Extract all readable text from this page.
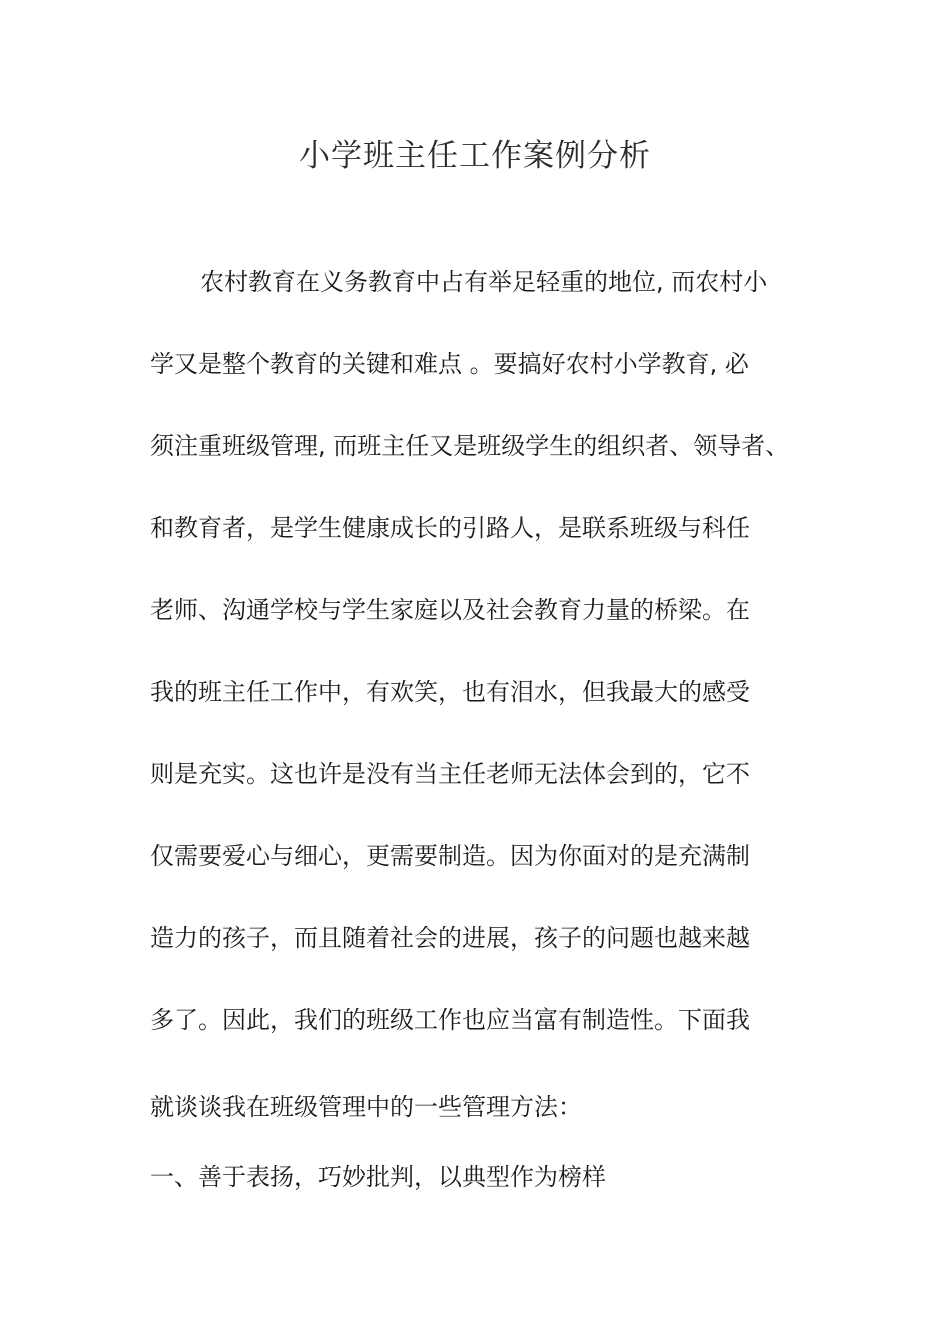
小学班主任工作案例分析
农村教育在义务教育中占有举足轻重的地位, 而农村小
学又是整个教育的关键和难点 。要搞好农村小学教育, 必
须注重班级管理, 而班主任又是班级学生的组织者、领导者、
和教育者，是学生健康成长的引路人，是联系班级与科任
老师、沟通学校与学生家庭以及社会教育力量的桥梁。在
我的班主任工作中，有欢笑，也有泪水，但我最大的感受
则是充实。这也许是没有当主任老师无法体会到的，它不
仅需要爱心与细心，更需要制造。因为你面对的是充满制
造力的孩子，而且随着社会的进展，孩子的问题也越来越
多了。因此，我们的班级工作也应当富有制造性。下面我
就谈谈我在班级管理中的一些管理方法：
一、善于表扬，巧妙批判，以典型作为榜样
